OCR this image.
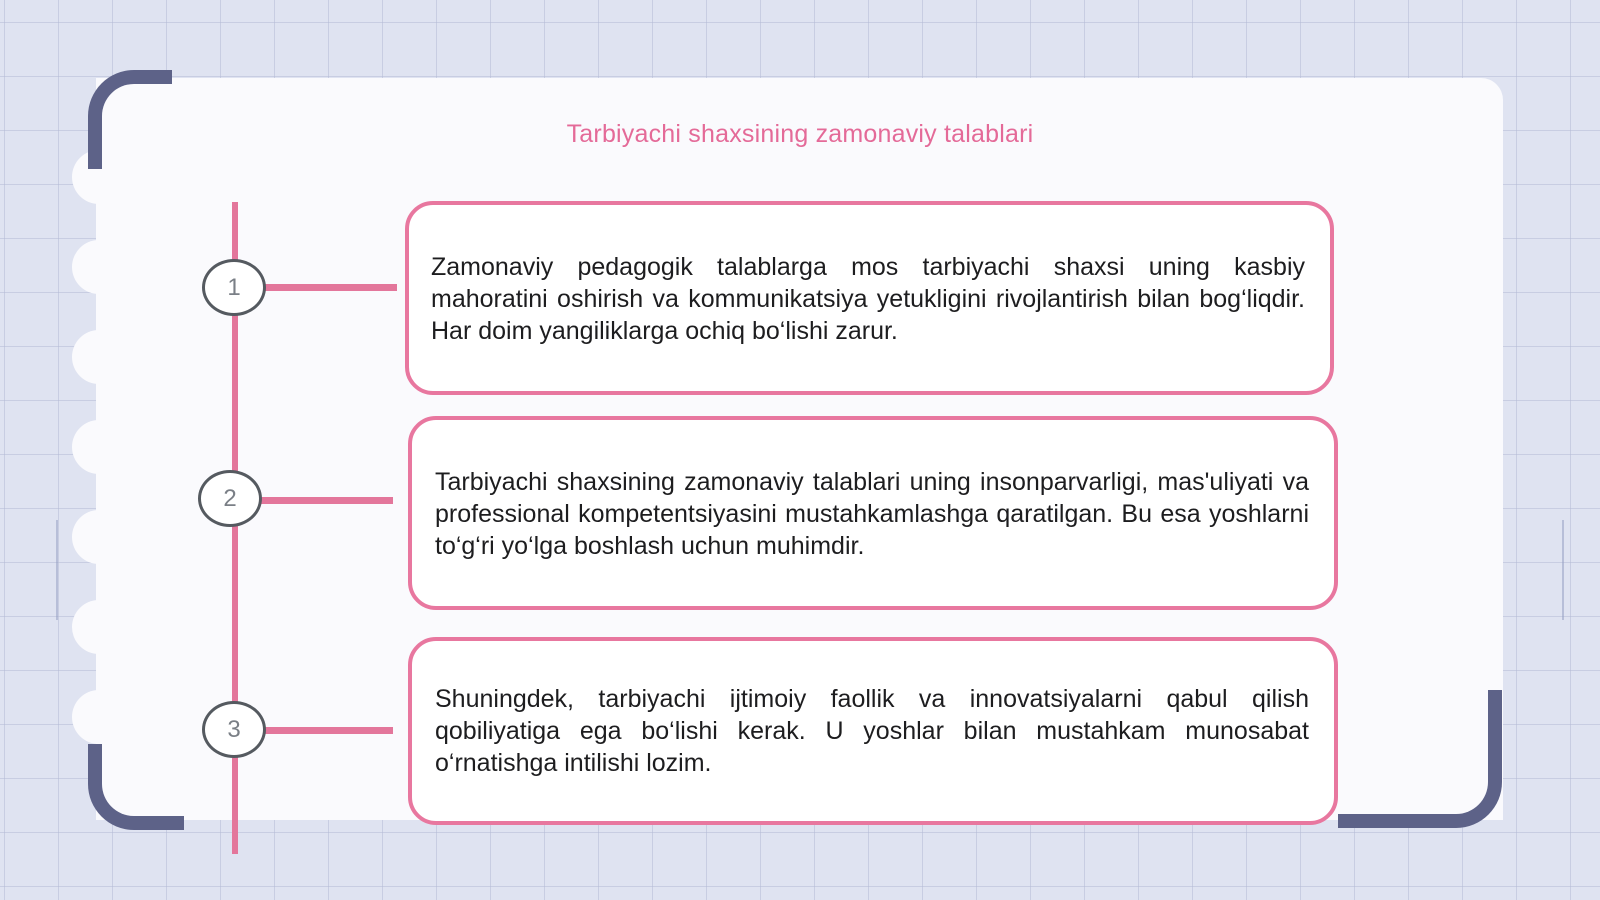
Tarbiyachi shaxsining zamonaviy talablari
1
Zamonaviy pedagogik talablarga mos tarbiyachi shaxsi uning kasbiy mahoratini oshirish va kommunikatsiya yetukligini rivojlantirish bilan bog‘liqdir. Har doim yangiliklarga ochiq bo‘lishi zarur.
2
Tarbiyachi shaxsining zamonaviy talablari uning insonparvarligi, mas'uliyati va professional kompetentsiyasini mustahkamlashga qaratilgan. Bu esa yoshlarni to‘g‘ri yo‘lga boshlash uchun muhimdir.
3
Shuningdek, tarbiyachi ijtimoiy faollik va innovatsiyalarni qabul qilish qobiliyatiga ega bo‘lishi kerak. U yoshlar bilan mustahkam munosabat o‘rnatishga intilishi lozim.
